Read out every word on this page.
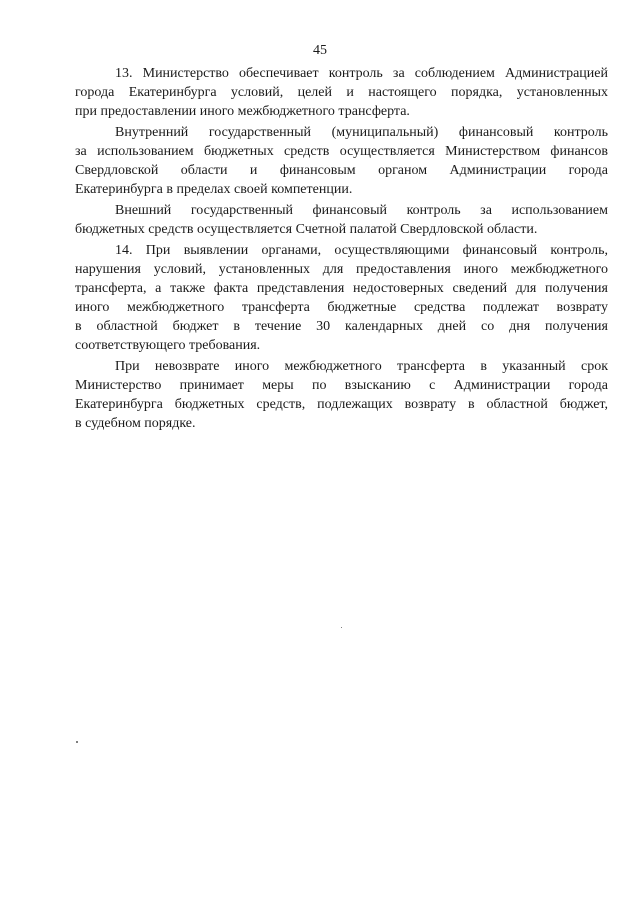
45
13. Министерство обеспечивает контроль за соблюдением Администрацией
города Екатеринбурга условий, целей и настоящего порядка, установленных
при предоставлении иного межбюджетного трансферта.
Внутренний государственный (муниципальный) финансовый контроль
за использованием бюджетных средств осуществляется Министерством финансов
Свердловской области и финансовым органом Администрации города
Екатеринбурга в пределах своей компетенции.
Внешний государственный финансовый контроль за использованием
бюджетных средств осуществляется Счетной палатой Свердловской области.
14. При выявлении органами, осуществляющими финансовый контроль,
нарушения условий, установленных для предоставления иного межбюджетного
трансферта, а также факта представления недостоверных сведений для получения
иного межбюджетного трансферта бюджетные средства подлежат возврату
в областной бюджет в течение 30 календарных дней со дня получения
соответствующего требования.
При невозврате иного межбюджетного трансферта в указанный срок
Министерство принимает меры по взысканию с Администрации города
Екатеринбурга бюджетных средств, подлежащих возврату в областной бюджет,
в судебном порядке.
